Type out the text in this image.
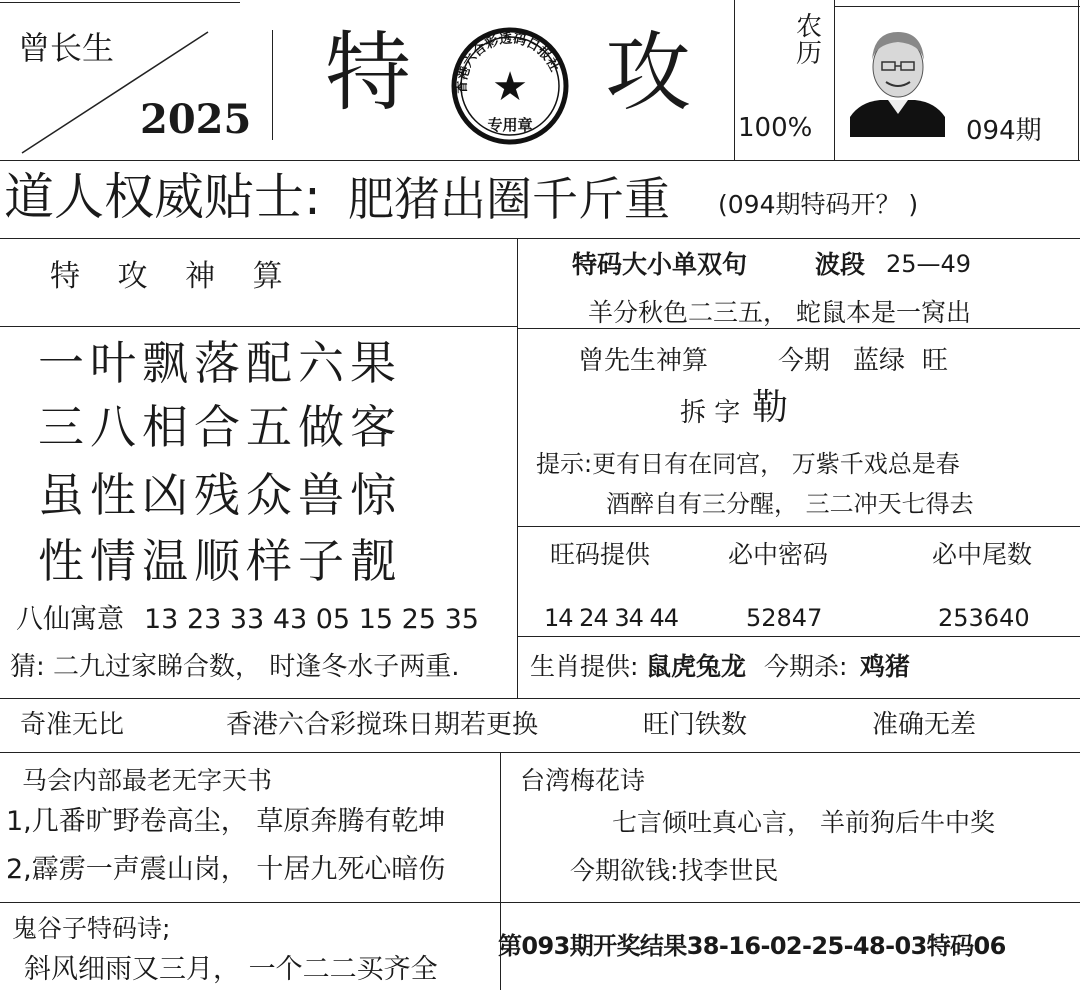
曾长生
2025 特	香港六合彩透码日报社
★
专用章
攻	农
历
100%	094期
道人权威贴士: 肥猪出圈千斤重 (094期特码开？ )
特 攻 神 算
一叶飘落配六果
三八相合五做客
虽性凶残众兽惊
性情温顺样子靓
八仙寓意 13 23 33 43 05 15 25 35
猜: 二九过家睇合数， 时逢冬水子两重.
特码大小单双句	波段 25—49
羊分秋色二三五， 蛇鼠本是一窝出
曾先生神算	今期 蓝绿 旺
拆 字 勒
提示:更有日有在同宫， 万紫千戏总是春
酒醉自有三分醒， 三二冲天七得去
旺码提供	必中密码	必中尾数
14 24 34 44	52847	253640
生肖提供: 鼠虎兔龙 今期杀: 鸡猪
奇准无比	香港六合彩搅珠日期若更换	旺门铁数	准确无差
马会内部最老无字天书
1,几番旷野卷高尘， 草原奔腾有乾坤
2,霹雳一声震山岗， 十居九死心暗伤
鬼谷子特码诗;
斜风细雨又三月， 一个二二买齐全
台湾梅花诗
七言倾吐真心言， 羊前狗后牛中奖
今期欲钱:找李世民
第093期开奖结果38-16-02-25-48-03特码06
